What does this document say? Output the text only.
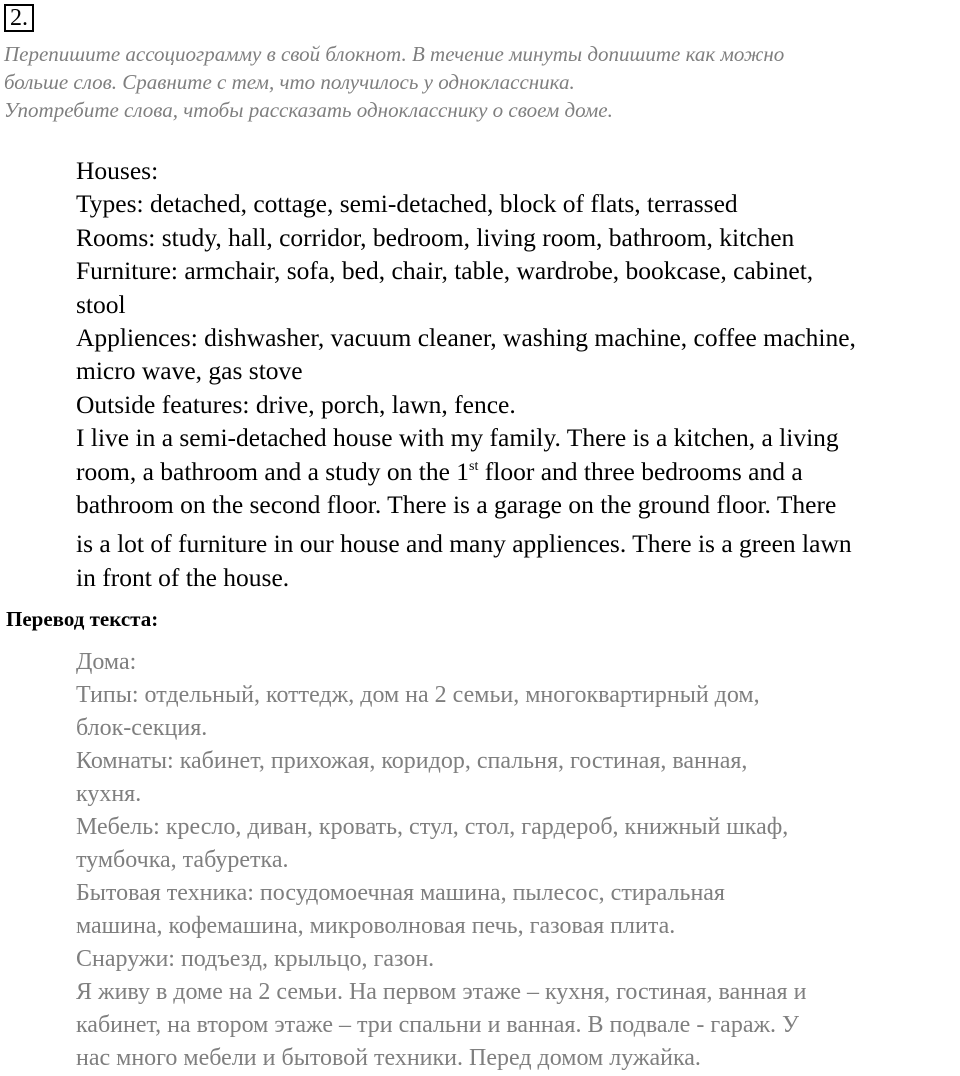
2.
Перепишите ассоциограмму в свой блокнот. В течение минуты допишите как можно
больше слов. Сравните с тем, что получилось у одноклассника.
Употребите слова, чтобы рассказать однокласснику о своем доме.
Houses:
Types: detached, cottage, semi-detached, block of flats, terrassed
Rooms: study, hall, corridor, bedroom, living room, bathroom, kitchen
Furniture: armchair, sofa, bed, chair, table, wardrobe, bookcase, cabinet,
stool
Appliences: dishwasher, vacuum cleaner, washing machine, coffee machine,
micro wave, gas stove
Outside features: drive, porch, lawn, fence.
I live in a semi-detached house with my family. There is a kitchen, a living
room, a bathroom and a study on the 1st floor and three bedrooms and a
bathroom on the second floor. There is a garage on the ground floor. There
is a lot of furniture in our house and many appliences. There is a green lawn
in front of the house.
Перевод текста:
Дома:
Типы: отдельный, коттедж, дом на 2 семьи, многоквартирный дом,
блок-секция.
Комнаты: кабинет, прихожая, коридор, спальня, гостиная, ванная,
кухня.
Мебель: кресло, диван, кровать, стул, стол, гардероб, книжный шкаф,
тумбочка, табуретка.
Бытовая техника: посудомоечная машина, пылесос, стиральная
машина, кофемашина, микроволновая печь, газовая плита.
Снаружи: подъезд, крыльцо, газон.
Я живу в доме на 2 семьи. На первом этаже – кухня, гостиная, ванная и
кабинет, на втором этаже – три спальни и ванная. В подвале - гараж. У
нас много мебели и бытовой техники. Перед домом лужайка.
